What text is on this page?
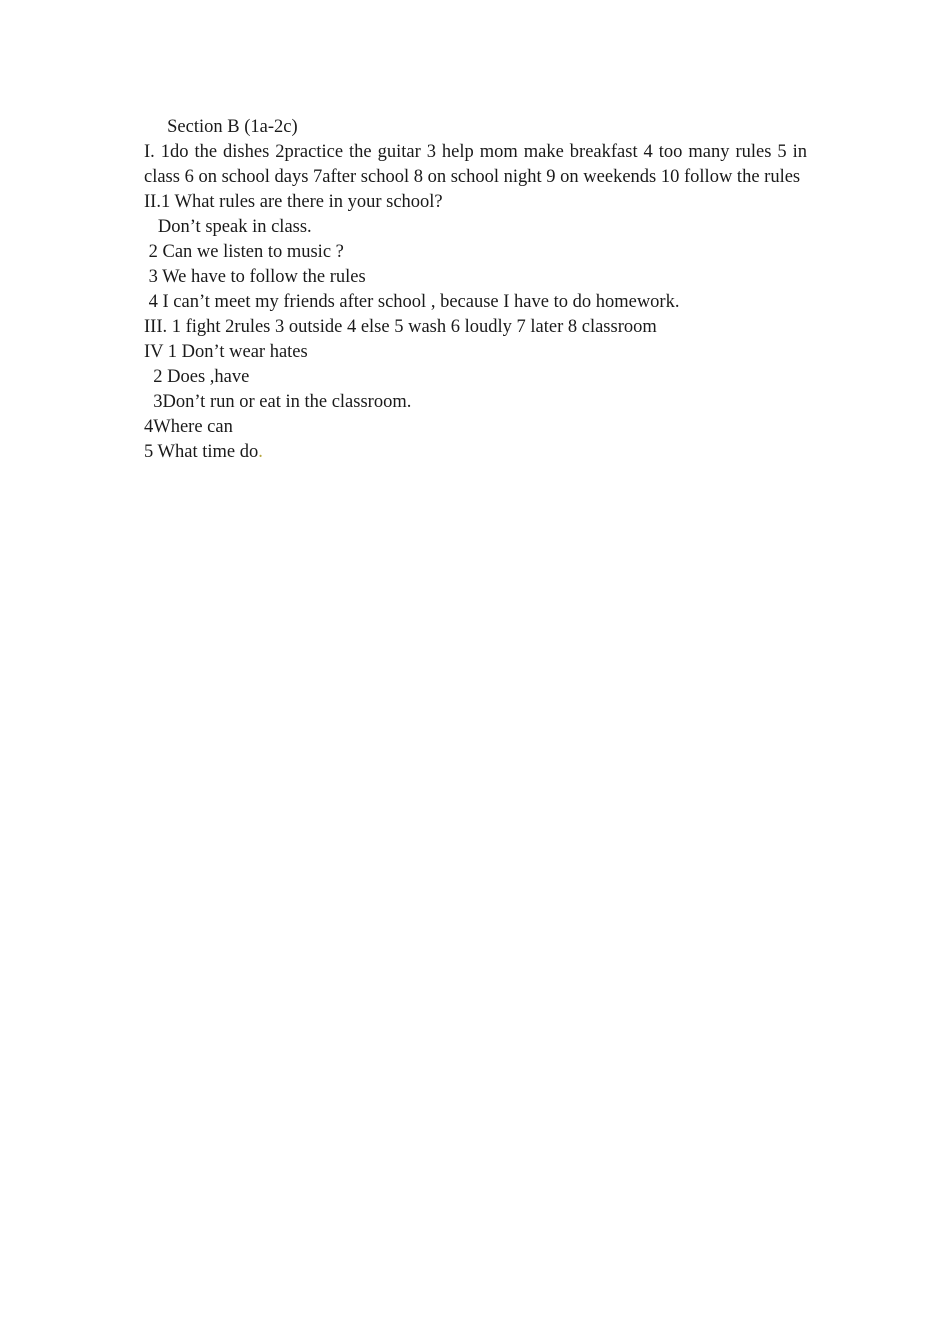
Section B (1a-2c)

I. 1do the dishes 2practice the guitar 3 help mom make breakfast 4 too many rules 5 in class 6 on school days 7after school 8 on school night 9 on weekends 10 follow the rules

II.1 What rules are there in your school?

Don’t speak in class.

2 Can we listen to music ?

3 We have to follow the rules

4 I can’t meet my friends after school , because I have to do homework.

III. 1 fight 2rules 3 outside 4 else 5 wash 6 loudly 7 later 8 classroom

IV 1 Don’t wear hates

2 Does ,have

3Don’t run or eat in the classroom.

4Where can

5 What time do.
